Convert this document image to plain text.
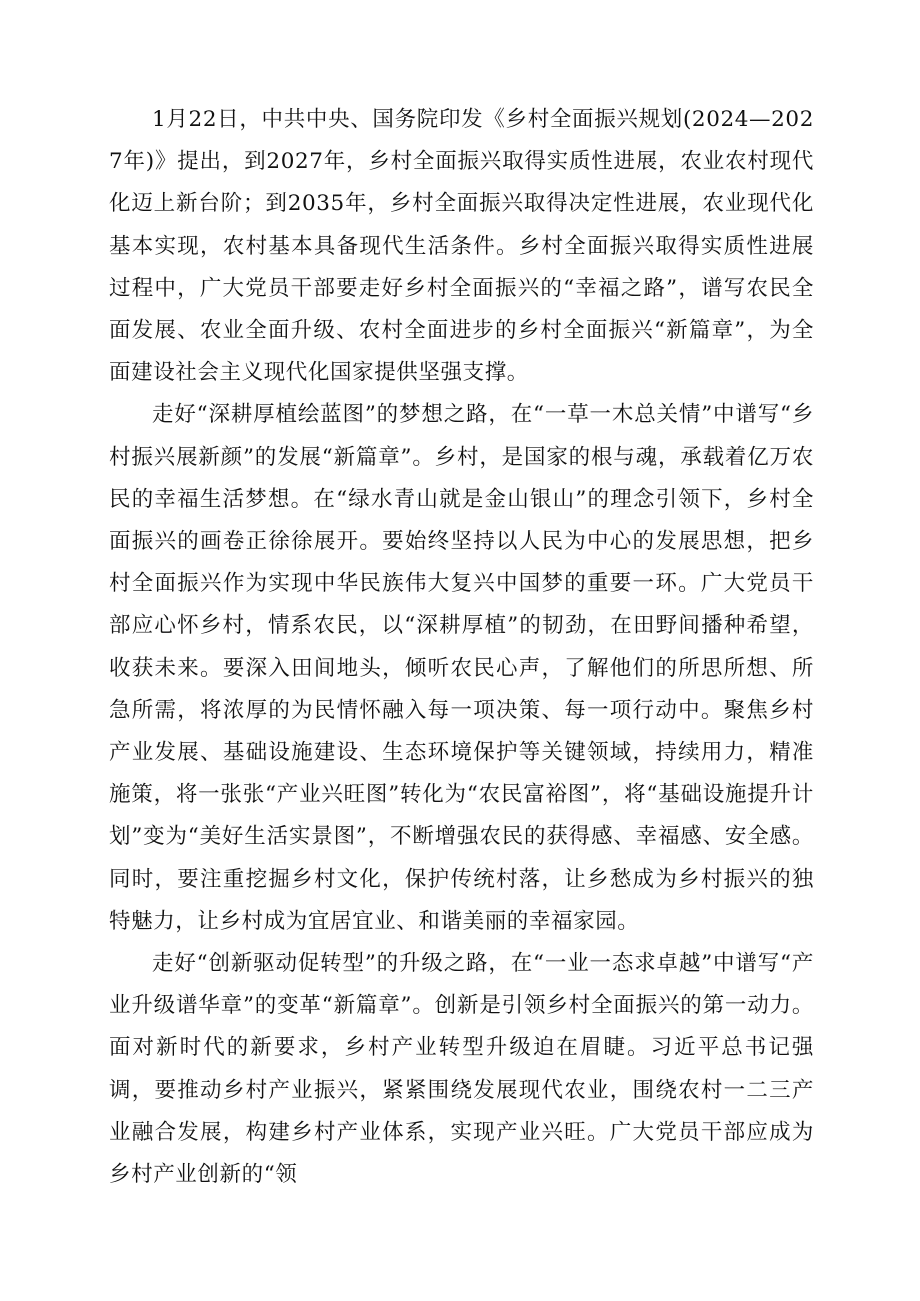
1月22日，中共中央、国务院印发《乡村全面振兴规划(2024—2027年)》提出，到2027年，乡村全面振兴取得实质性进展，农业农村现代化迈上新台阶；到2035年，乡村全面振兴取得决定性进展，农业现代化基本实现，农村基本具备现代生活条件。乡村全面振兴取得实质性进展过程中，广大党员干部要走好乡村全面振兴的“幸福之路”，谱写农民全面发展、农业全面升级、农村全面进步的乡村全面振兴“新篇章”，为全面建设社会主义现代化国家提供坚强支撑。

走好“深耕厚植绘蓝图”的梦想之路，在“一草一木总关情”中谱写“乡村振兴展新颜”的发展“新篇章”。乡村，是国家的根与魂，承载着亿万农民的幸福生活梦想。在“绿水青山就是金山银山”的理念引领下，乡村全面振兴的画卷正徐徐展开。要始终坚持以人民为中心的发展思想，把乡村全面振兴作为实现中华民族伟大复兴中国梦的重要一环。广大党员干部应心怀乡村，情系农民，以“深耕厚植”的韧劲，在田野间播种希望，收获未来。要深入田间地头，倾听农民心声，了解他们的所思所想、所急所需，将浓厚的为民情怀融入每一项决策、每一项行动中。聚焦乡村产业发展、基础设施建设、生态环境保护等关键领域，持续用力，精准施策，将一张张“产业兴旺图”转化为“农民富裕图”，将“基础设施提升计划”变为“美好生活实景图”，不断增强农民的获得感、幸福感、安全感。同时，要注重挖掘乡村文化，保护传统村落，让乡愁成为乡村振兴的独特魅力，让乡村成为宜居宜业、和谐美丽的幸福家园。

走好“创新驱动促转型”的升级之路，在“一业一态求卓越”中谱写“产业升级谱华章”的变革“新篇章”。创新是引领乡村全面振兴的第一动力。面对新时代的新要求，乡村产业转型升级迫在眉睫。习近平总书记强调，要推动乡村产业振兴，紧紧围绕发展现代农业，围绕农村一二三产业融合发展，构建乡村产业体系，实现产业兴旺。广大党员干部应成为乡村产业创新的“领
